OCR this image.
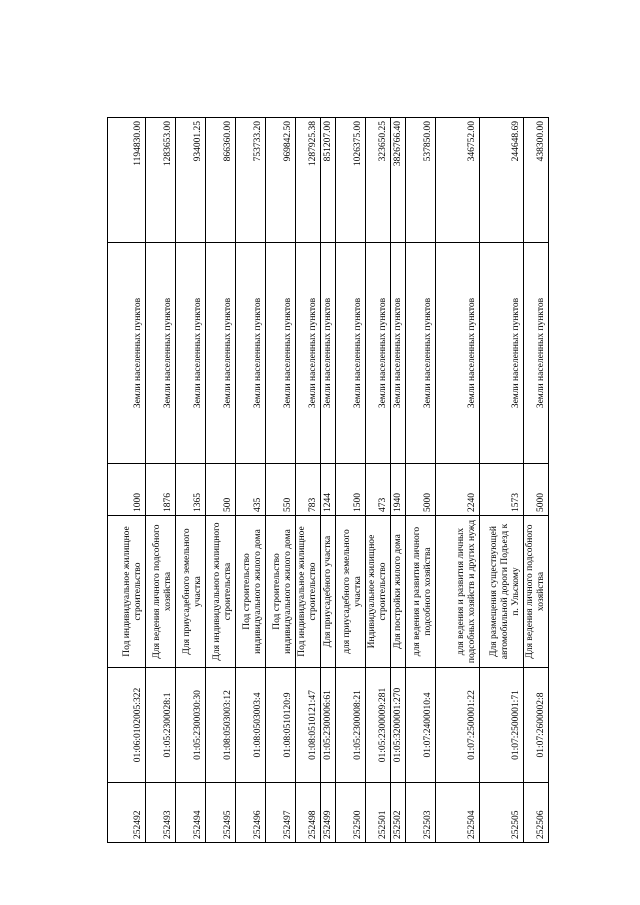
252492	01:06:0102005:322	Под индивидуальное жилищное строительство	1000	Земли населенных пунктов	1194830.00
252493	01:05:2300028:1	Для ведения личного подсобного хозяйства	1876	Земли населенных пунктов	1283653.00
252494	01:05:2300030:30	Для приусадебного земельного участка	1365	Земли населенных пунктов	934001.25
252495	01:08:0503003:12	Для индивидуального жилищного строительства	500	Земли населенных пунктов	866360.00
252496	01:08:0503003:4	Под строительство индивидуального жилого дома	435	Земли населенных пунктов	753733.20
252497	01:08:0510120:9	Под строительство индивидуального жилого дома	550	Земли населенных пунктов	969842.50
252498	01:08:0510121:47	Под индивидуальное жилищное строительство	783	Земли населенных пунктов	1287925.38
252499	01:05:2300006:61	Для приусадебного участка	1244	Земли населенных пунктов	851207.00
252500	01:05:2300008:21	для приусадебного земельного участка	1500	Земли населенных пунктов	1026375.00
252501	01:05:2300009:281	Индивидуальное жилищное строительство	473	Земли населенных пунктов	323650.25
252502	01:05:3200001:270	Для постройки жилого дома	1940	Земли населенных пунктов	3826766.40
252503	01:07:2400010:4	для ведения и развития личного подсобного хозяйства	5000	Земли населенных пунктов	537850.00
252504	01:07:2500001:22	для ведения и развития личных подсобных хозяйств и других нужд	2240	Земли населенных пунктов	346752.00
252505	01:07:2500001:71	Для размещения существующей автомобильной дороги Подъезд к п. Ульскому	1573	Земли населенных пунктов	244648.69
252506	01:07:2600002:8	Для ведения личного подсобного хозяйства	5000	Земли населенных пунктов	438300.00
